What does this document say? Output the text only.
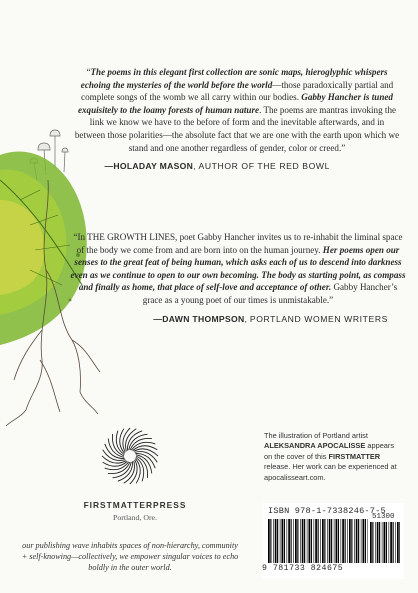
“The poems in this elegant first collection are sonic maps, hieroglyphic whispers echoing the mysteries of the world before the world—those paradoxically partial and complete songs of the womb we all carry within our bodies. Gabby Hancher is tuned exquisitely to the loamy forests of human nature. The poems are mantras invoking the link we know we have to the before of form and the inevitable afterwards, and in between those polarities—the absolute fact that we are one with the earth upon which we stand and one another regardless of gender, color or creed.”
—HOLADAY MASON, AUTHOR OF THE RED BOWL
“In THE GROWTH LINES, poet Gabby Hancher invites us to re-inhabit the liminal space of the body we come from and are born into on the human journey. Her poems open our senses to the great feat of being human, which asks each of us to descend into darkness even as we continue to open to our own becoming. The body as starting point, as compass and finally as home, that place of self-love and acceptance of other. Gabby Hancher’s grace as a young poet of our times is unmistakable.”
—DAWN THOMPSON, PORTLAND WOMEN WRITERS
FIRSTMATTERPRESS
Portland, Ore.
our publishing wave inhabits spaces of non-hierarchy, community + self-knowing—collectively, we empower singular voices to echo boldly in the outer world.
The illustration of Portland artist ALEKSANDRA APOCALISSE appears on the cover of this FIRSTMATTER release. Her work can be experienced at apocalisseart.com.
ISBN 978-1-7338246-7-5
51300
9 781733 824675
